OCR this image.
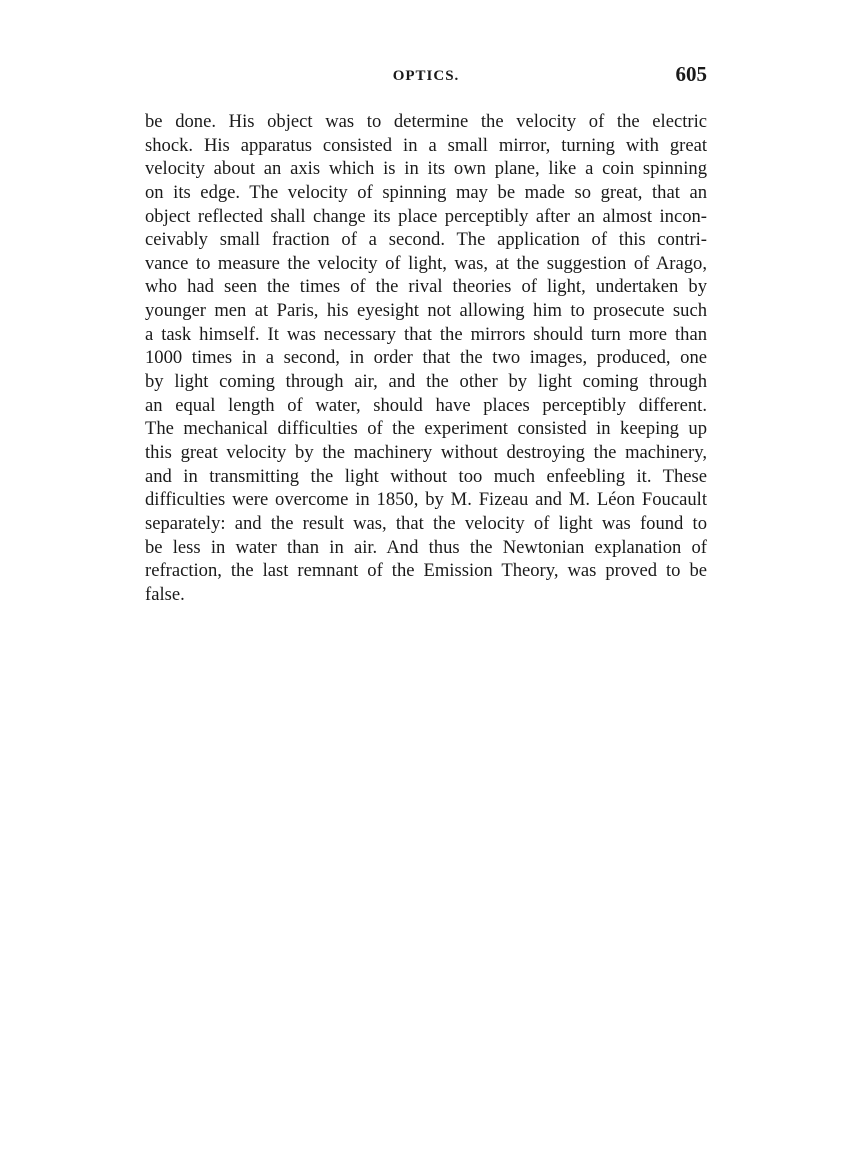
OPTICS.	605
be done. His object was to determine the velocity of the electric
shock. His apparatus consisted in a small mirror, turning with great
velocity about an axis which is in its own plane, like a coin spinning
on its edge. The velocity of spinning may be made so great, that an
object reflected shall change its place perceptibly after an almost incon-
ceivably small fraction of a second. The application of this contri-
vance to measure the velocity of light, was, at the suggestion of Arago,
who had seen the times of the rival theories of light, undertaken by
younger men at Paris, his eyesight not allowing him to prosecute such
a task himself. It was necessary that the mirrors should turn more than
1000 times in a second, in order that the two images, produced, one
by light coming through air, and the other by light coming through
an equal length of water, should have places perceptibly different.
The mechanical difficulties of the experiment consisted in keeping up
this great velocity by the machinery without destroying the machinery,
and in transmitting the light without too much enfeebling it. These
difficulties were overcome in 1850, by M. Fizeau and M. Léon Foucault
separately: and the result was, that the velocity of light was found to
be less in water than in air. And thus the Newtonian explanation of
refraction, the last remnant of the Emission Theory, was proved to be
false.
